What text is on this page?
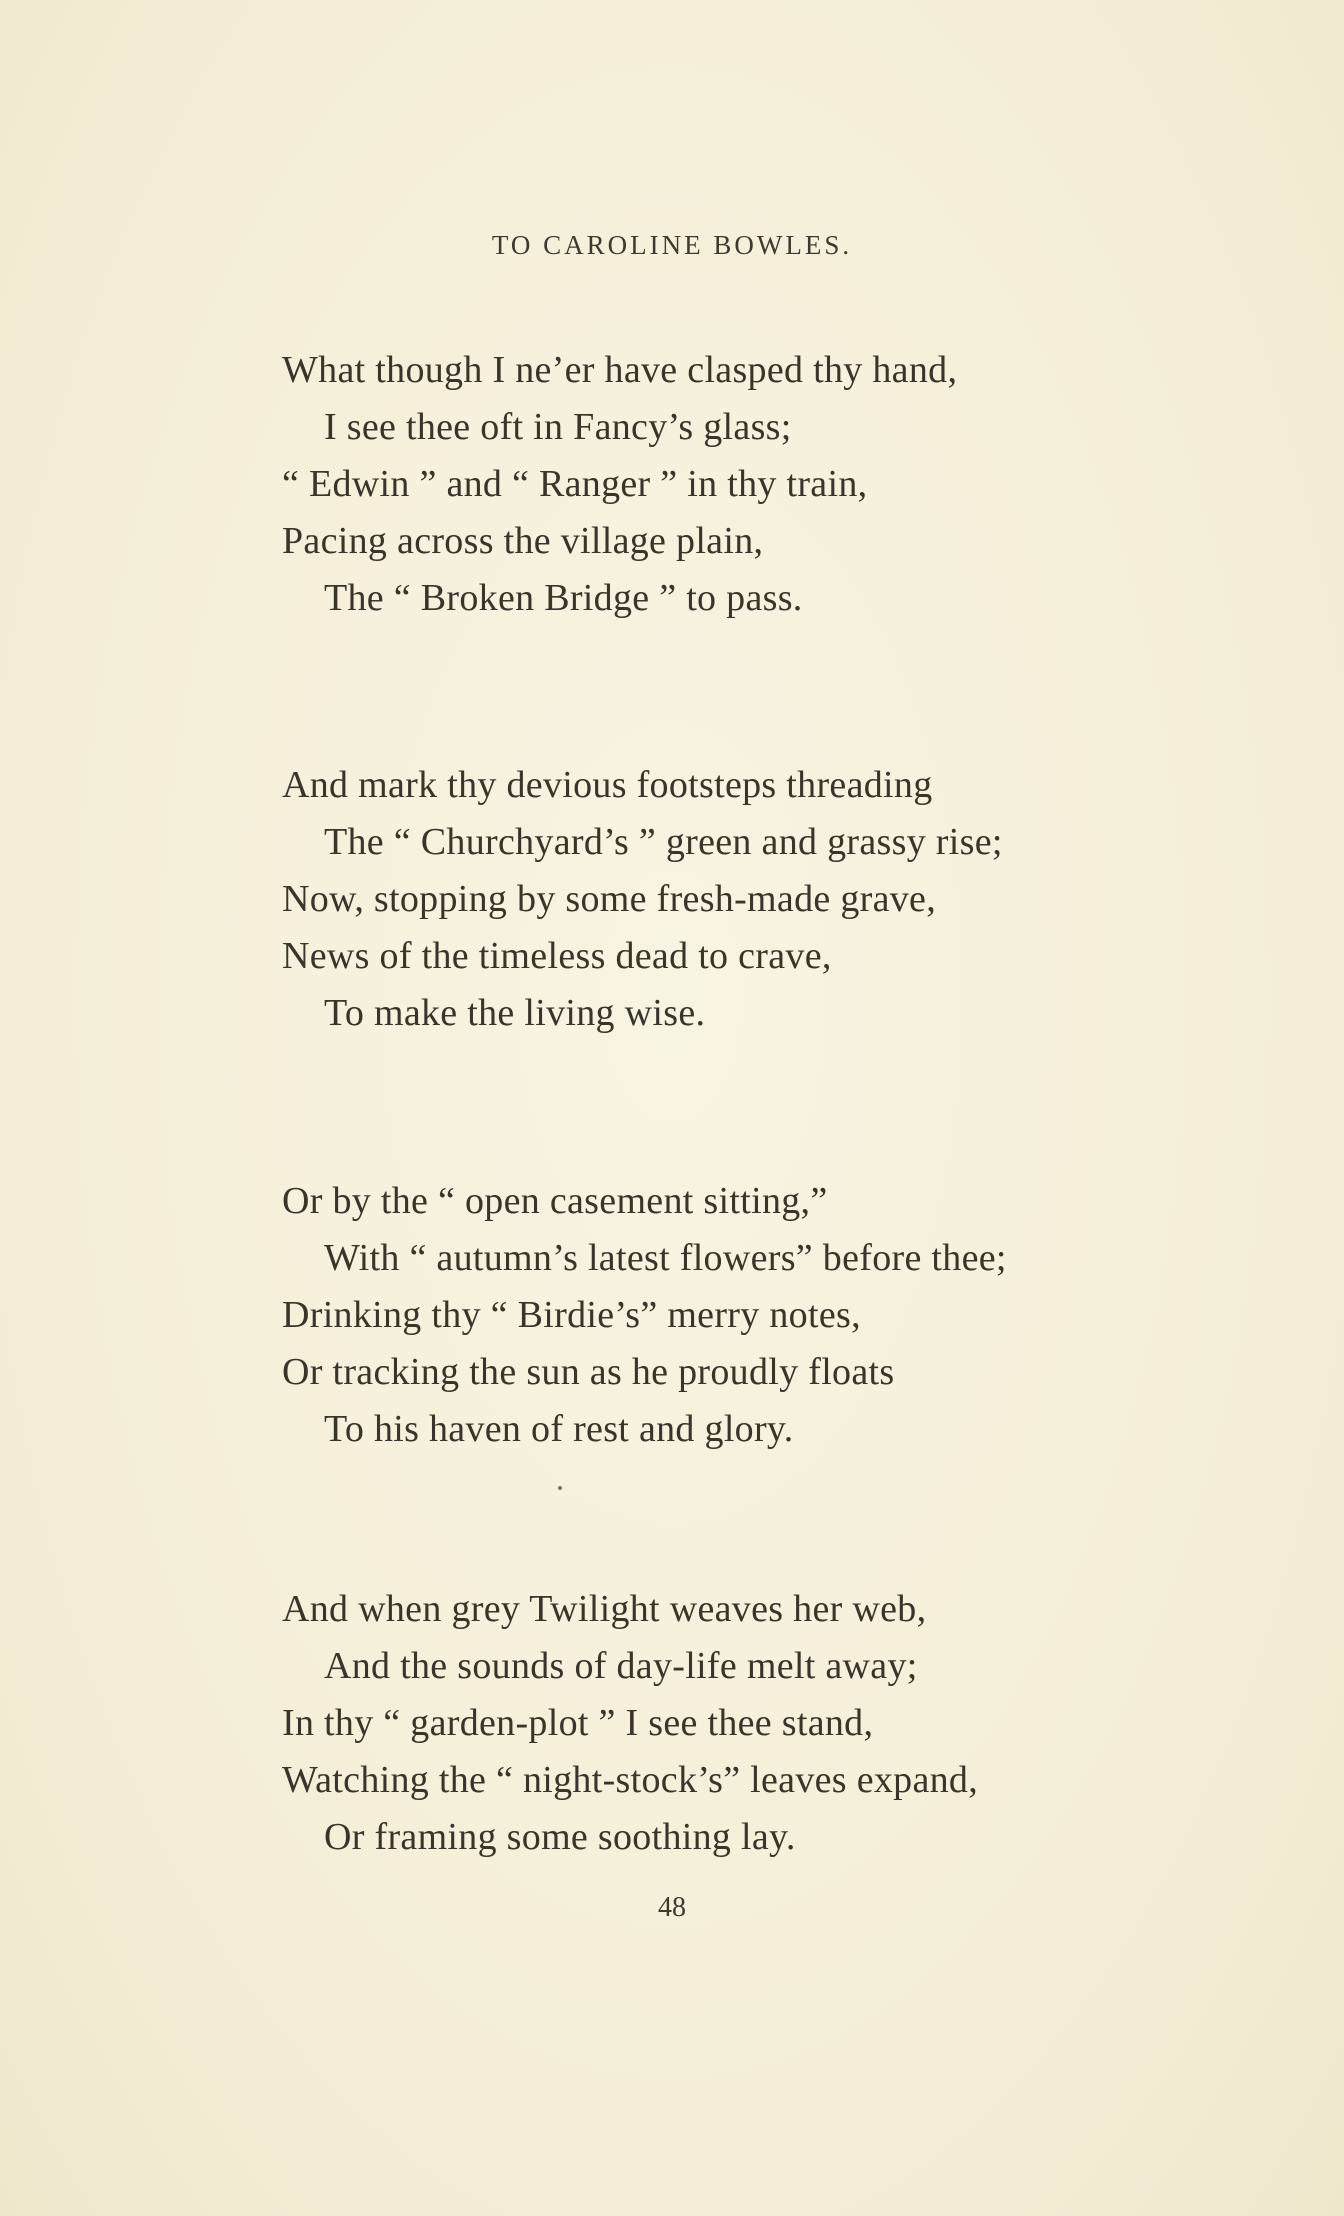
TO CAROLINE BOWLES.
What though I ne’er have clasped thy hand,
I see thee oft in Fancy’s glass;
“ Edwin ” and “ Ranger ” in thy train,
Pacing across the village plain,
The “ Broken Bridge ” to pass.
And mark thy devious footsteps threading
The “ Churchyard’s ” green and grassy rise;
Now, stopping by some fresh-made grave,
News of the timeless dead to crave,
To make the living wise.
Or by the “ open casement sitting,”
With “ autumn’s latest flowers” before thee;
Drinking thy “ Birdie’s” merry notes,
Or tracking the sun as he proudly floats
To his haven of rest and glory.
And when grey Twilight weaves her web,
And the sounds of day-life melt away;
In thy “ garden-plot ” I see thee stand,
Watching the “ night-stock’s” leaves expand,
Or framing some soothing lay.
48
